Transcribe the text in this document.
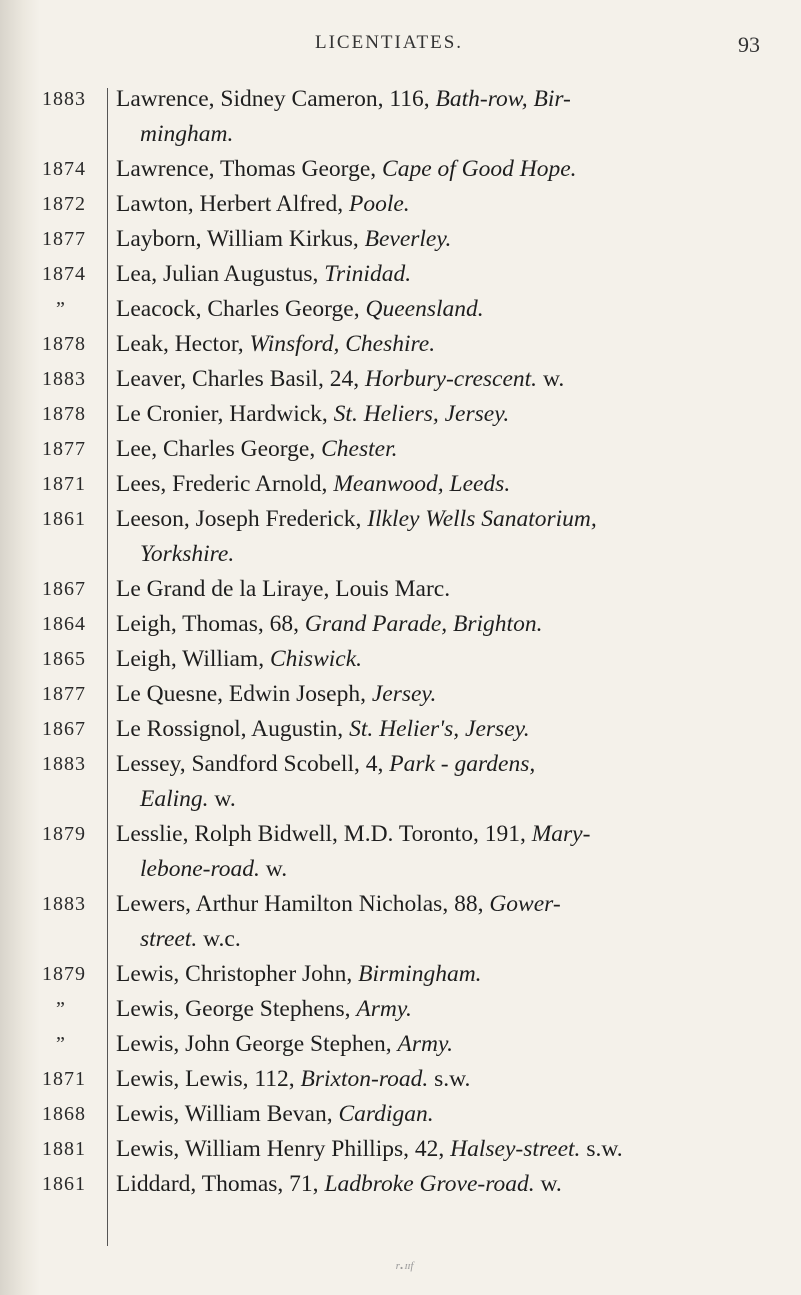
LICENTIATES.	93
1883	Lawrence, Sidney Cameron, 116, Bath-row, Bir-
mingham.
1874	Lawrence, Thomas George, Cape of Good Hope.
1872	Lawton, Herbert Alfred, Poole.
1877	Layborn, William Kirkus, Beverley.
1874	Lea, Julian Augustus, Trinidad.
”	Leacock, Charles George, Queensland.
1878	Leak, Hector, Winsford, Cheshire.
1883	Leaver, Charles Basil, 24, Horbury-crescent. w.
1878	Le Cronier, Hardwick, St. Heliers, Jersey.
1877	Lee, Charles George, Chester.
1871	Lees, Frederic Arnold, Meanwood, Leeds.
1861	Leeson, Joseph Frederick, Ilkley Wells Sanatorium,
Yorkshire.
1867	Le Grand de la Liraye, Louis Marc.
1864	Leigh, Thomas, 68, Grand Parade, Brighton.
1865	Leigh, William, Chiswick.
1877	Le Quesne, Edwin Joseph, Jersey.
1867	Le Rossignol, Augustin, St. Helier's, Jersey.
1883	Lessey, Sandford Scobell, 4, Park - gardens,
Ealing. w.
1879	Lesslie, Rolph Bidwell, M.D. Toronto, 191, Mary-
lebone-road. w.
1883	Lewers, Arthur Hamilton Nicholas, 88, Gower-
street. w.c.
1879	Lewis, Christopher John, Birmingham.
”	Lewis, George Stephens, Army.
”	Lewis, John George Stephen, Army.
1871	Lewis, Lewis, 112, Brixton-road. s.w.
1868	Lewis, William Bevan, Cardigan.
1881	Lewis, William Henry Phillips, 42, Halsey-street. s.w.
1861	Liddard, Thomas, 71, Ladbroke Grove-road. w.
ʳ·ᶦᶦᶠ
